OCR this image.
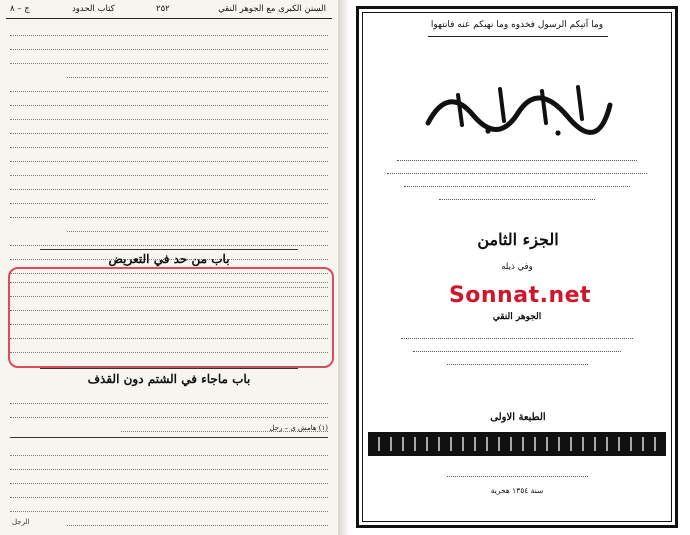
السنن الكبرى مع الجوهر النقي
٢٥٢
كتاب الحدود
ج – ٨
باب من حد في التعريض
باب ماجاء في الشتم دون القذف
(١) هامش ى – رجل
الرجل
وما آتيكم الرسول فخذوه وما نهيكم عنه فانتهوا
الجزء الثامن
وفي ذيله
Sonnat.net
الجوهر النقي
الطبعة الاولى
سنة ١٣٥٤ هجرية
